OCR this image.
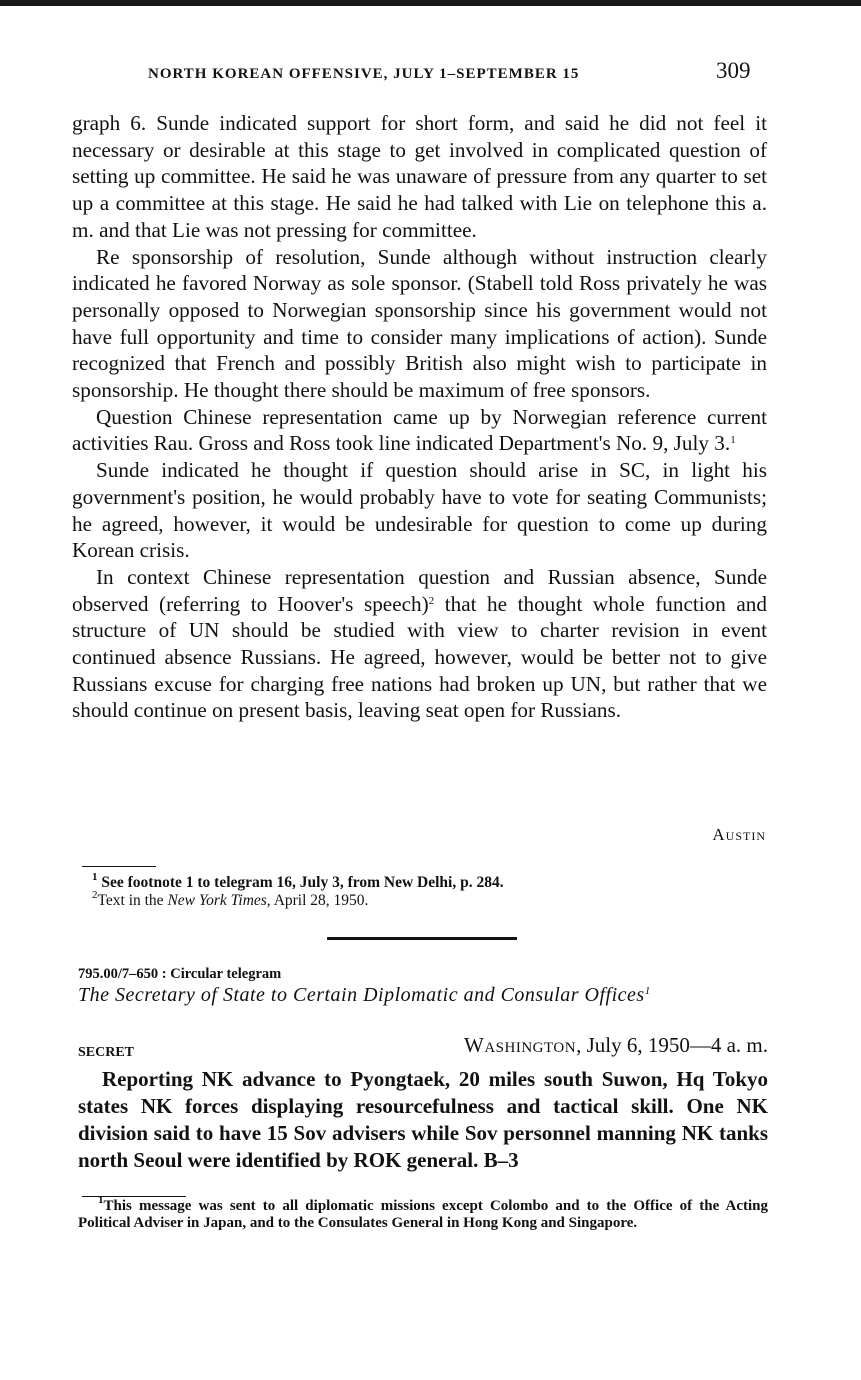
NORTH KOREAN OFFENSIVE, JULY 1–SEPTEMBER 15	309

graph 6. Sunde indicated support for short form, and said he did not feel it necessary or desirable at this stage to get involved in complicated question of setting up committee. He said he was unaware of pressure from any quarter to set up a committee at this stage. He said he had talked with Lie on telephone this a. m. and that Lie was not pressing for committee.

Re sponsorship of resolution, Sunde although without instruction clearly indicated he favored Norway as sole sponsor. (Stabell told Ross privately he was personally opposed to Norwegian sponsorship since his government would not have full opportunity and time to consider many implications of action). Sunde recognized that French and possibly British also might wish to participate in sponsorship. He thought there should be maximum of free sponsors.

Question Chinese representation came up by Norwegian reference current activities Rau. Gross and Ross took line indicated Department's No. 9, July 3.$^1$

Sunde indicated he thought if question should arise in SC, in light his government's position, he would probably have to vote for seating Communists; he agreed, however, it would be undesirable for question to come up during Korean crisis.

In context Chinese representation question and Russian absence, Sunde observed (referring to Hoover's speech)$^2$ that he thought whole function and structure of UN should be studied with view to charter revision in event continued absence Russians. He agreed, however, would be better not to give Russians excuse for charging free nations had broken up UN, but rather that we should continue on present basis, leaving seat open for Russians.

Austin

$^1$ See footnote 1 to telegram 16, July 3, from New Delhi, p. 284.

$^2$Text in the New York Times, April 28, 1950.

795.00/7–650 : Circular telegram
The Secretary of State to Certain Diplomatic and Consular Offices$^1$
SECRET	Washington, July 6, 1950—4 a. m.

Reporting NK advance to Pyongtaek, 20 miles south Suwon, Hq Tokyo states NK forces displaying resourcefulness and tactical skill. One NK division said to have 15 Sov advisers while Sov personnel manning NK tanks north Seoul were identified by ROK general. B–3

$^1$This message was sent to all diplomatic missions except Colombo and to the Office of the Acting Political Adviser in Japan, and to the Consulates General in Hong Kong and Singapore.
